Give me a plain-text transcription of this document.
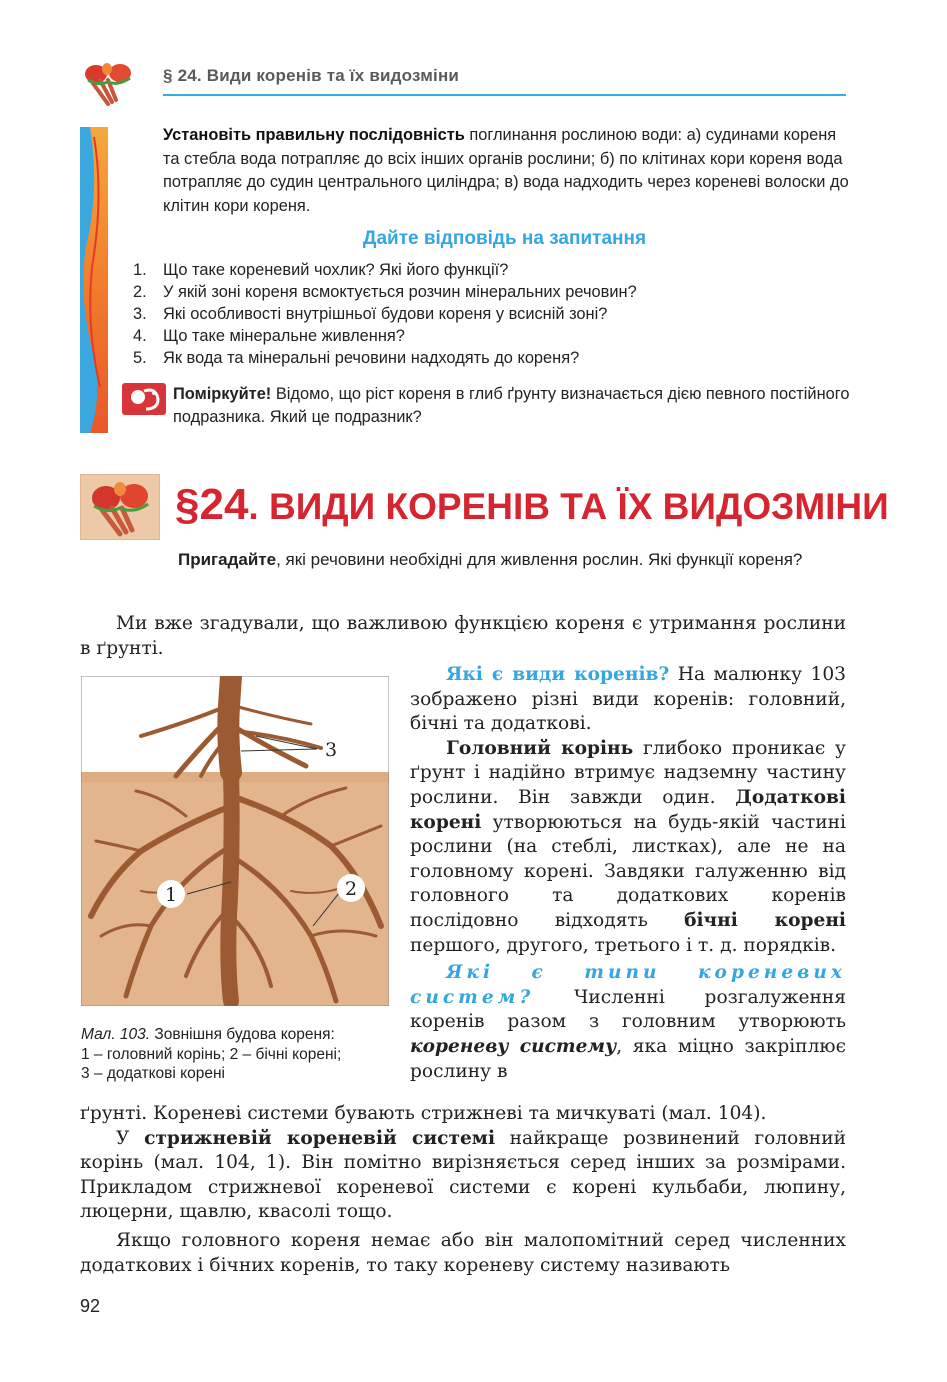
§ 24. Види коренів та їх видозміни
Установіть правильну послідовність поглинання рослиною води: а) судинами кореня та стебла вода потрапляє до всіх інших органів рослини; б) по клітинах кори кореня вода потрапляє до судин центрального циліндра; в) вода надходить через кореневі волоски до клітин кори кореня.
Дайте відповідь на запитання
1. Що таке кореневий чохлик? Які його функції?
2. У якій зоні кореня всмоктується розчин мінеральних речовин?
3. Які особливості внутрішньої будови кореня у всисній зоні?
4. Що таке мінеральне живлення?
5. Як вода та мінеральні речовини надходять до кореня?
Поміркуйте! Відомо, що ріст кореня в глиб ґрунту визначається дією певного постійного подразника. Який це подразник?
§24. ВИДИ КОРЕНІВ ТА ЇХ ВИДОЗМІНИ
Пригадайте, які речовини необхідні для живлення рослин. Які функції кореня?
Ми вже згадували, що важливою функцією кореня є утримання рослини в ґрунті.

Які є види коренів? На малюнку 103 зображено різні види коренів: головний, бічні та додаткові.

Головний корінь глибоко проникає у ґрунт і надійно втримує надземну частину рослини. Він завжди один. Додаткові корені утворюються на будь-якій частині рослини (на стеблі, листках), але не на головному корені. Завдяки галуженню від головного та додаткових коренів послідовно відходять бічні корені першого, другого, третього і т. д. порядків.

Які є типи кореневих систем? Численні розгалуження коренів разом з головним утворюють кореневу систему, яка міцно закріплює рослину в

ґрунті. Кореневі системи бувають стрижневі та мичкуваті (мал. 104).
У стрижневій кореневій системі найкраще розвинений головний корінь (мал. 104, 1). Він помітно вирізняється серед інших за розмірами. Прикладом стрижневої кореневої системи є корені кульбаби, люпину, люцерни, щавлю, квасолі тощо.
Якщо головного кореня немає або він малопомітний серед численних додаткових і бічних коренів, то таку кореневу систему називають
3
1	2
Мал. 103. Зовнішня будова кореня:
1 – головний корінь; 2 – бічні корені;
3 – додаткові корені
92
